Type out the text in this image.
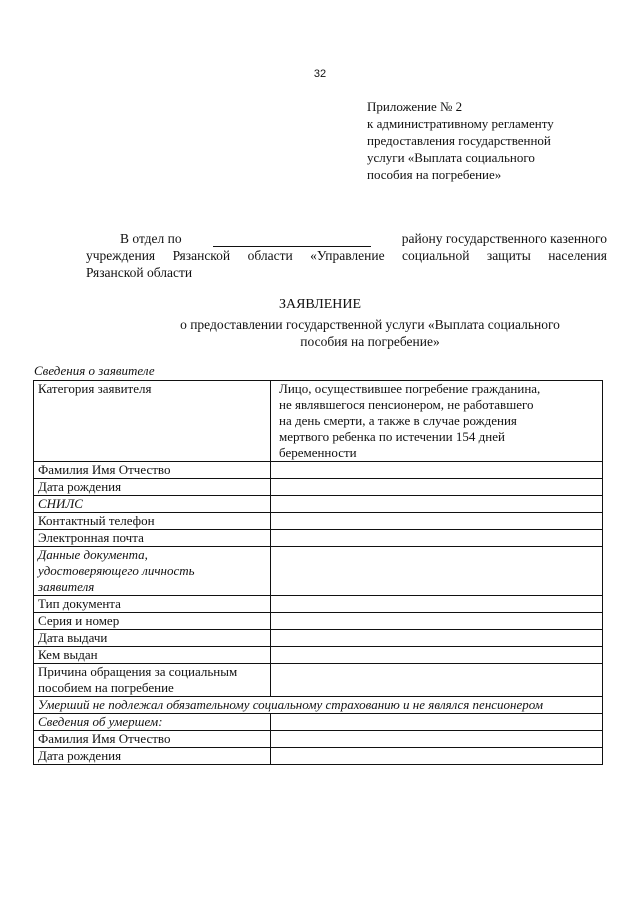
32
Приложение № 2
к административному регламенту
предоставления государственной
услуги «Выплата социального
пособия на погребение»
В отдел по	району государственного казенного
учреждения Рязанской области «Управление социальной защиты населения
Рязанской области
ЗАЯВЛЕНИЕ
о предоставлении государственной услуги «Выплата социального
пособия на погребение»
Сведения о заявителе
Категория заявителя	Лицо, осуществившее погребение гражданина,
не являвшегося пенсионером, не работавшего
на день смерти, а также в случае рождения
мертвого ребенка по истечении 154 дней
беременности

Фамилия Имя Отчество	
Дата рождения	
СНИЛС	
Контактный телефон	
Электронная почта	

Данные документа,
удостоверяющего личность
заявителя	

Тип документа	
Серия и номер	
Дата выдачи	
Кем выдан	

Причина обращения за социальным
пособием на погребение	

Умерший не подлежал обязательному социальному страхованию и не являлся пенсионером	
Сведения об умершем:	
Фамилия Имя Отчество	
Дата рождения	
